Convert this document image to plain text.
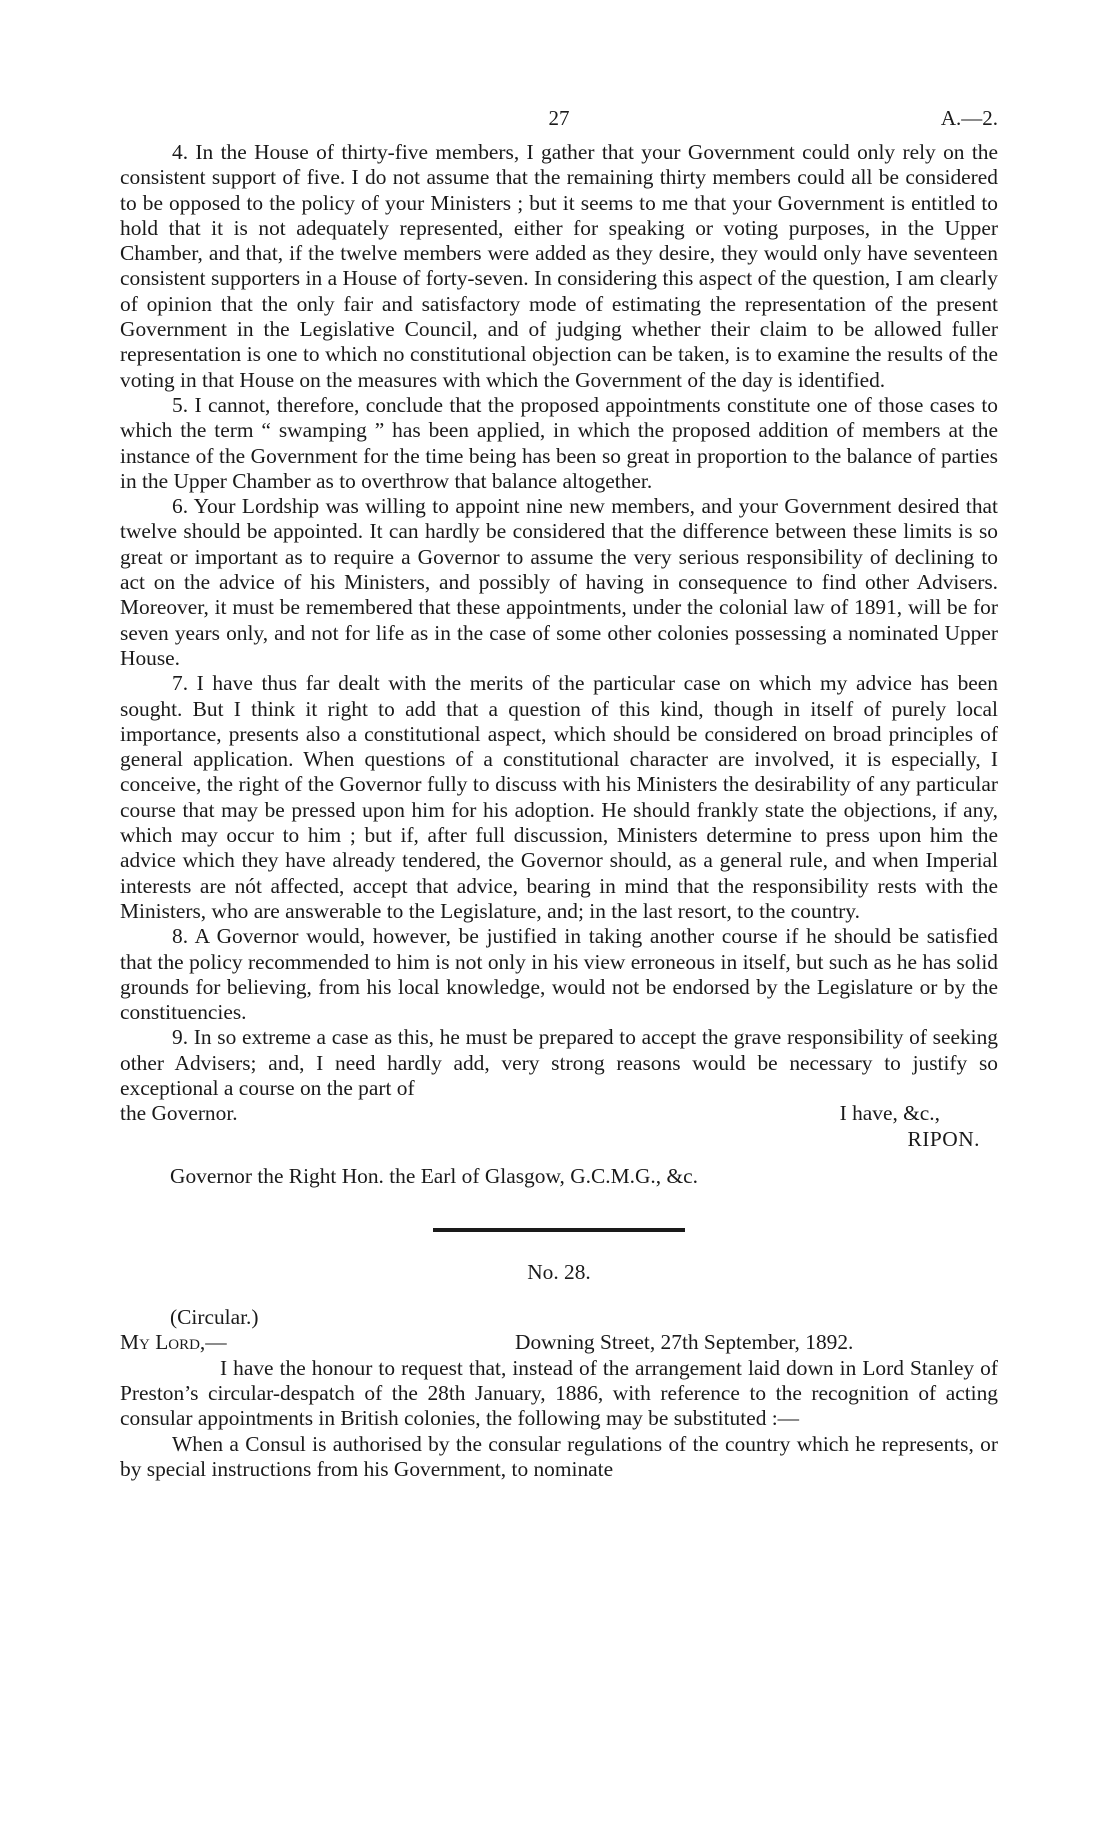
27	A.—2.

4. In the House of thirty-five members, I gather that your Government could only rely on the consistent support of five. I do not assume that the remaining thirty members could all be considered to be opposed to the policy of your Ministers ; but it seems to me that your Government is entitled to hold that it is not adequately represented, either for speaking or voting purposes, in the Upper Chamber, and that, if the twelve members were added as they desire, they would only have seventeen consistent supporters in a House of forty-seven. In considering this aspect of the question, I am clearly of opinion that the only fair and satisfactory mode of estimating the representation of the present Government in the Legislative Council, and of judging whether their claim to be allowed fuller representation is one to which no constitutional objection can be taken, is to examine the results of the voting in that House on the measures with which the Government of the day is identified.

5. I cannot, therefore, conclude that the proposed appointments constitute one of those cases to which the term “ swamping ” has been applied, in which the proposed addition of members at the instance of the Government for the time being has been so great in proportion to the balance of parties in the Upper Chamber as to overthrow that balance altogether.

6. Your Lordship was willing to appoint nine new members, and your Government desired that twelve should be appointed. It can hardly be considered that the difference between these limits is so great or important as to require a Governor to assume the very serious responsibility of declining to act on the advice of his Ministers, and possibly of having in consequence to find other Advisers. Moreover, it must be remembered that these appointments, under the colonial law of 1891, will be for seven years only, and not for life as in the case of some other colonies possessing a nominated Upper House.

7. I have thus far dealt with the merits of the particular case on which my advice has been sought. But I think it right to add that a question of this kind, though in itself of purely local importance, presents also a constitutional aspect, which should be considered on broad principles of general application. When questions of a constitutional character are involved, it is especially, I conceive, the right of the Governor fully to discuss with his Ministers the desirability of any particular course that may be pressed upon him for his adoption. He should frankly state the objections, if any, which may occur to him ; but if, after full discussion, Ministers determine to press upon him the advice which they have already tendered, the Governor should, as a general rule, and when Imperial interests are nót affected, accept that advice, bearing in mind that the responsibility rests with the Ministers, who are answerable to the Legislature, and; in the last resort, to the country.

8. A Governor would, however, be justified in taking another course if he should be satisfied that the policy recommended to him is not only in his view erroneous in itself, but such as he has solid grounds for believing, from his local knowledge, would not be endorsed by the Legislature or by the constituencies.

9. In so extreme a case as this, he must be prepared to accept the grave responsibility of seeking other Advisers; and, I need hardly add, very strong reasons would be necessary to justify so exceptional a course on the part of

the Governor.	I have, &c.,
RIPON.
Governor the Right Hon. the Earl of Glasgow, G.C.M.G., &c.
No. 28.
(Circular.)
My Lord,—	Downing Street, 27th September, 1892.

I have the honour to request that, instead of the arrangement laid down in Lord Stanley of Preston’s circular-despatch of the 28th January, 1886, with reference to the recognition of acting consular appointments in British colonies, the following may be substituted :—

When a Consul is authorised by the consular regulations of the country which he represents, or by special instructions from his Government, to nominate
